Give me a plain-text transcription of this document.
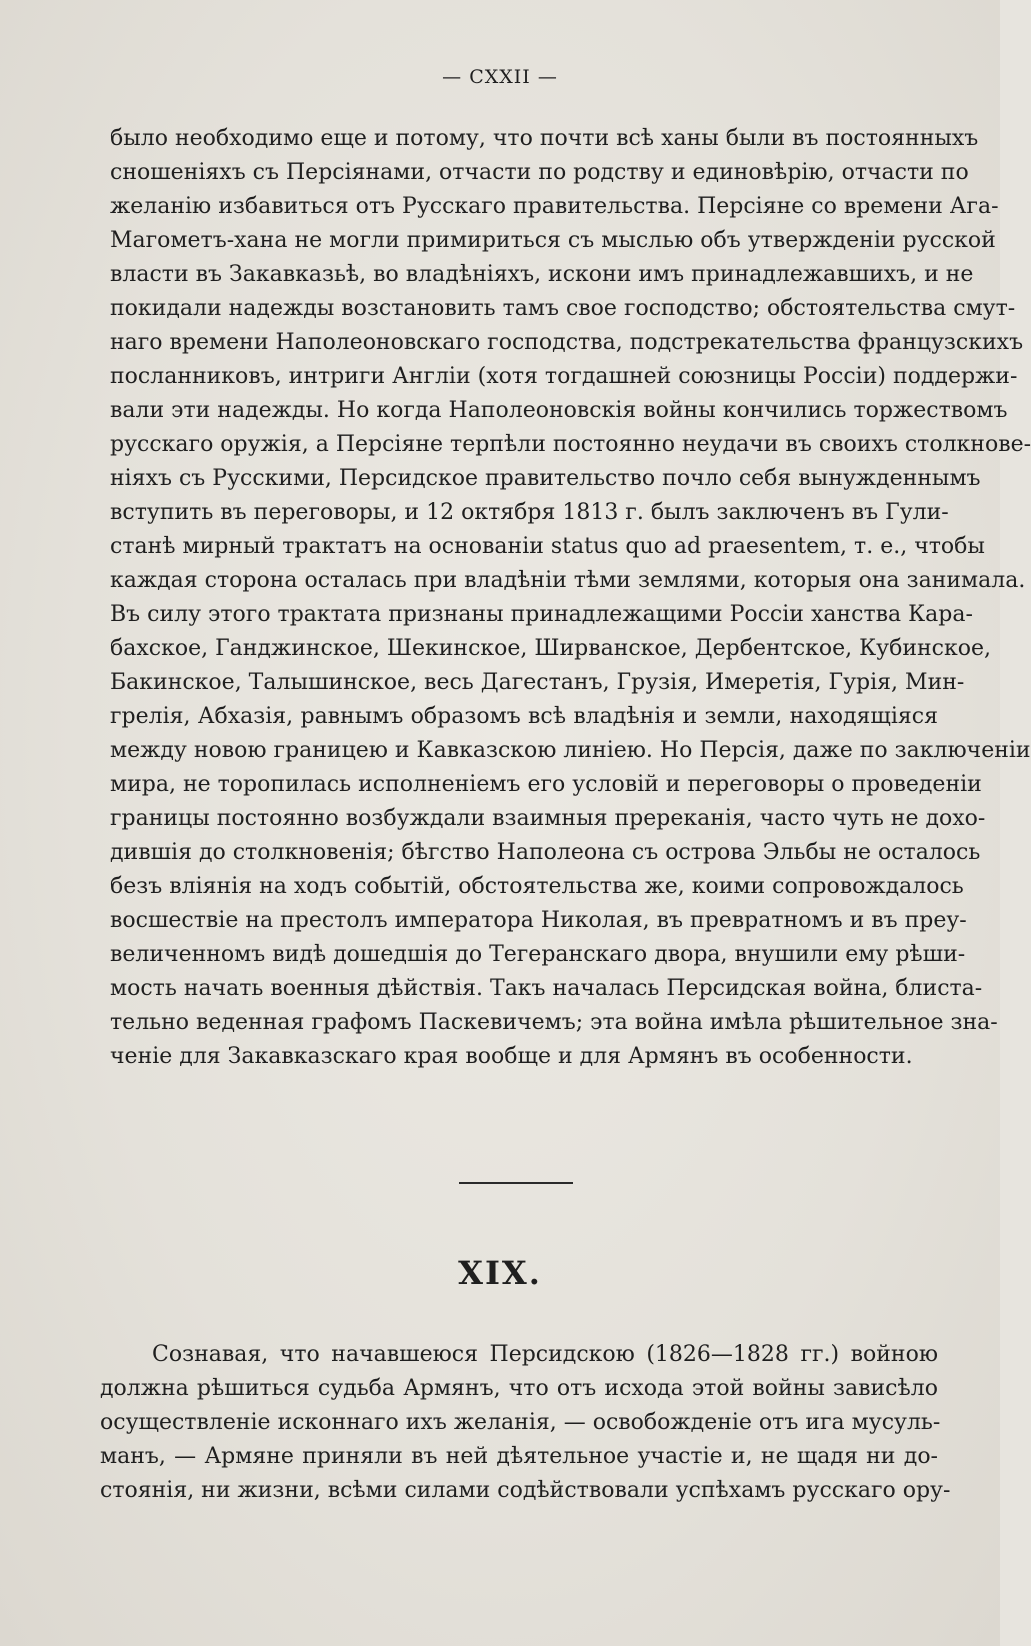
— CXXII —
было необходимо еще и потому, что почти всѣ ханы были въ постоянныхъ
сношеніяхъ съ Персіянами, отчасти по родству и единовѣрію, отчасти по
желанію избавиться отъ Русскаго правительства. Персіяне со времени Ага-
Магометъ-хана не могли примириться съ мыслью объ утвержденіи русской
власти въ Закавказьѣ, во владѣніяхъ, искони имъ принадлежавшихъ, и не
покидали надежды возстановить тамъ свое господство; обстоятельства смут-
наго времени Наполеоновскаго господства, подстрекательства французскихъ
посланниковъ, интриги Англіи (хотя тогдашней союзницы Россіи) поддержи-
вали эти надежды. Но когда Наполеоновскія войны кончились торжествомъ
русскаго оружія, а Персіяне терпѣли постоянно неудачи въ своихъ столкнове-
ніяхъ съ Русскими, Персидское правительство почло себя вынужденнымъ
вступить въ переговоры, и 12 октября 1813 г. былъ заключенъ въ Гули-
станѣ мирный трактатъ на основаніи status quo ad praesentem, т. е., чтобы
каждая сторона осталась при владѣніи тѣми землями, которыя она занимала.
Въ силу этого трактата признаны принадлежащими Россіи ханства Кара-
бахское, Ганджинское, Шекинское, Ширванское, Дербентское, Кубинское,
Бакинское, Талышинское, весь Дагестанъ, Грузія, Имеретія, Гурія, Мин-
грелія, Абхазія, равнымъ образомъ всѣ владѣнія и земли, находящіяся
между новою границею и Кавказскою линіею. Но Персія, даже по заключеніи
мира, не торопилась исполненіемъ его условій и переговоры о проведеніи
границы постоянно возбуждали взаимныя пререканія, часто чуть не дохо-
дившія до столкновенія; бѣгство Наполеона съ острова Эльбы не осталось
безъ вліянія на ходъ событій, обстоятельства же, коими сопровождалось
восшествіе на престолъ императора Николая, въ превратномъ и въ преу-
величенномъ видѣ дошедшія до Тегеранскаго двора, внушили ему рѣши-
мость начать военныя дѣйствія. Такъ началась Персидская война, блиста-
тельно веденная графомъ Паскевичемъ; эта война имѣла рѣшительное зна-
ченіе для Закавказскаго края вообще и для Армянъ въ особенности.
XIX.
Сознавая, что начавшеюся Персидскою (1826—1828 гг.) войною
должна рѣшиться судьба Армянъ, что отъ исхода этой войны зависѣло
осуществленіе исконнаго ихъ желанія, — освобожденіе отъ ига мусуль-
манъ, — Армяне приняли въ ней дѣятельное участіе и, не щадя ни до-
стоянія, ни жизни, всѣми силами содѣйствовали успѣхамъ русскаго ору-
